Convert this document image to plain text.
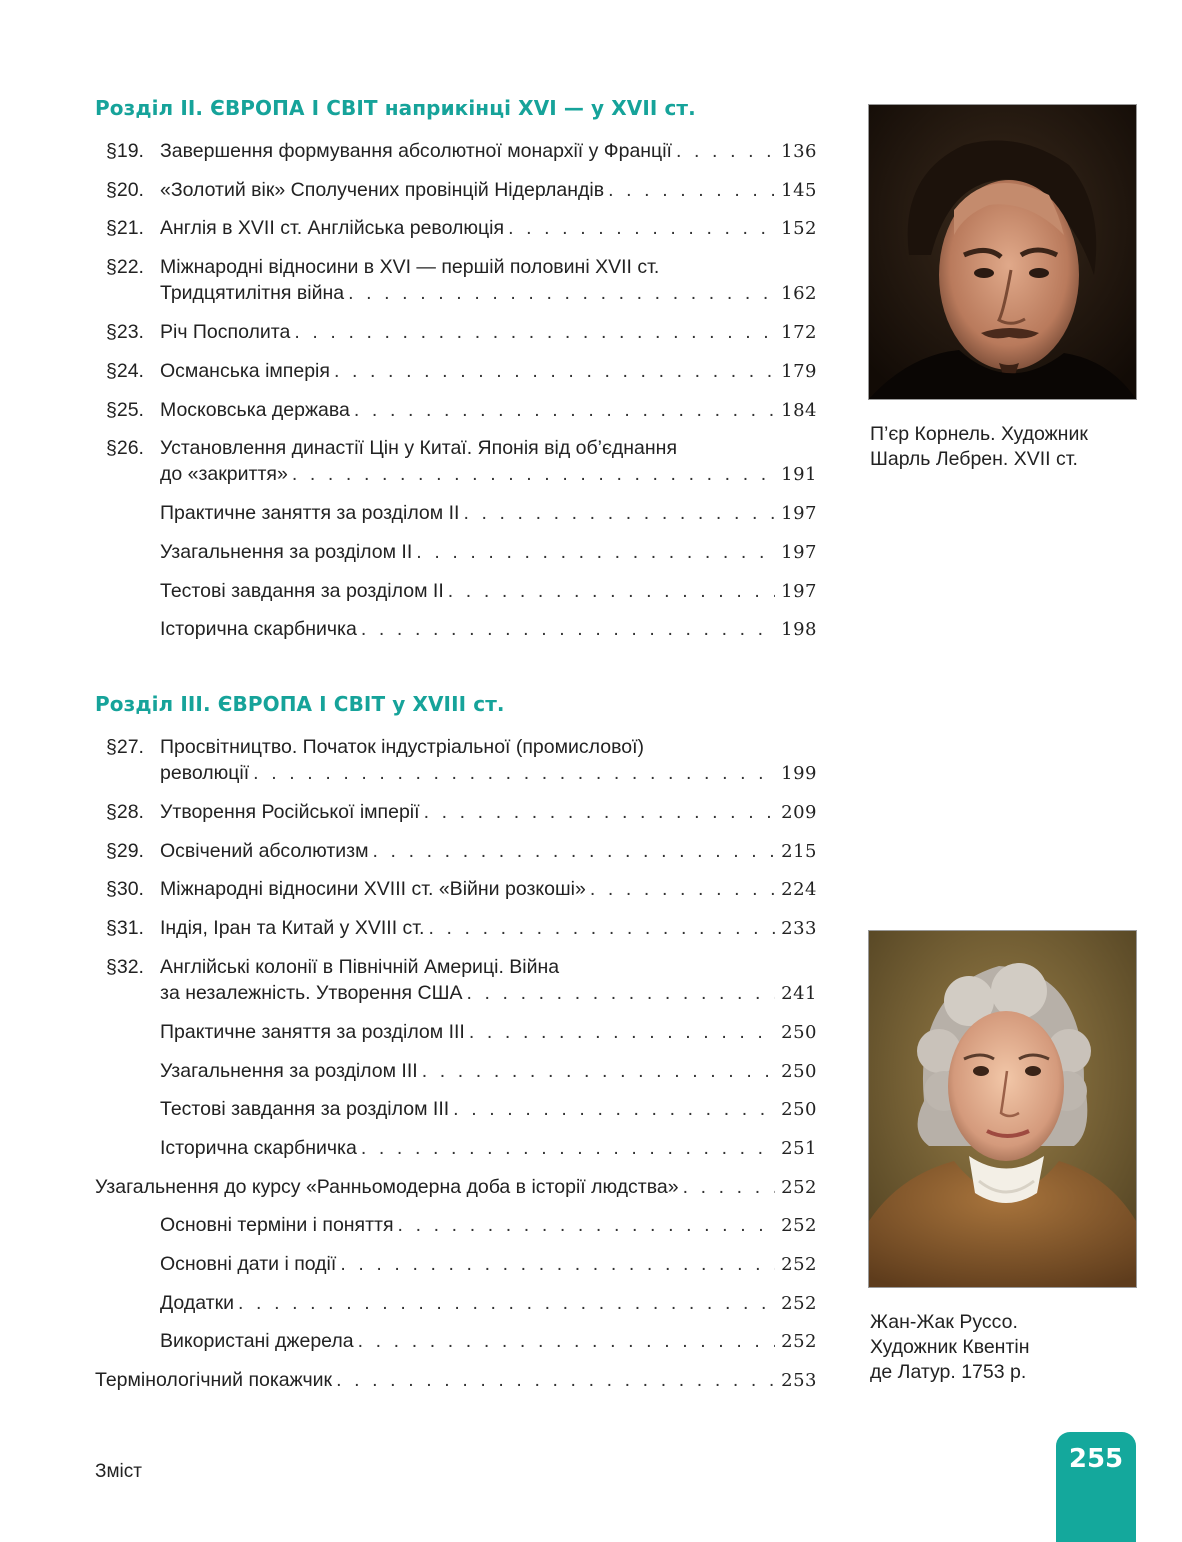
Розділ ІІ. ЄВРОПА І СВІТ наприкінці XVI — у XVII ст.
§19. Завершення формування абсолютної монархії у Франції . . .	136
§20. «Золотий вік» Сполучених провінцій Нідерландів . . .	145
§21. Англія в XVII ст. Англійська революція . . .	152
§22. Міжнародні відносини в XVI — першій половині XVII ст.
Тридцятилітня війна . . .	162
§23. Річ Посполита . . .	172
§24. Османська імперія . . .	179
§25. Московська держава . . .	184
§26. Установлення династії Цін у Китаї. Японія від об’єднання
до «закриття» . . .	191
Практичне заняття за розділом ІІ . . .	197
Узагальнення за розділом ІІ . . .	197
Тестові завдання за розділом ІІ . . .	197
Історична скарбничка . . .	198
Розділ ІІІ. ЄВРОПА І СВІТ у XVIII ст.
§27. Просвітництво. Початок індустріальної (промислової)
революції . . .	199
§28. Утворення Російської імперії . . .	209
§29. Освічений абсолютизм . . .	215
§30. Міжнародні відносини XVIII ст. «Війни розкоші» . . .	224
§31. Індія, Іран та Китай у XVIII ст. . . .	233
§32. Англійські колонії в Північній Америці. Війна
за незалежність. Утворення США . . .	241
Практичне заняття за розділом ІІІ . . .	250
Узагальнення за розділом ІІІ . . .	250
Тестові завдання за розділом ІІІ . . .	250
Історична скарбничка . . .	251
Узагальнення до курсу «Ранньомодерна доба в історії людства» . . .	252
Основні терміни і поняття . . .	252
Основні дати і події . . .	252
Додатки . . .	252
Використані джерела . . .	252
Термінологічний покажчик . . .	253
П’єр Корнель. Художник
Шарль Лебрен. XVII ст.
Жан-Жак Руссо.
Художник Квентін
де Латур. 1753 р.
Зміст	255
